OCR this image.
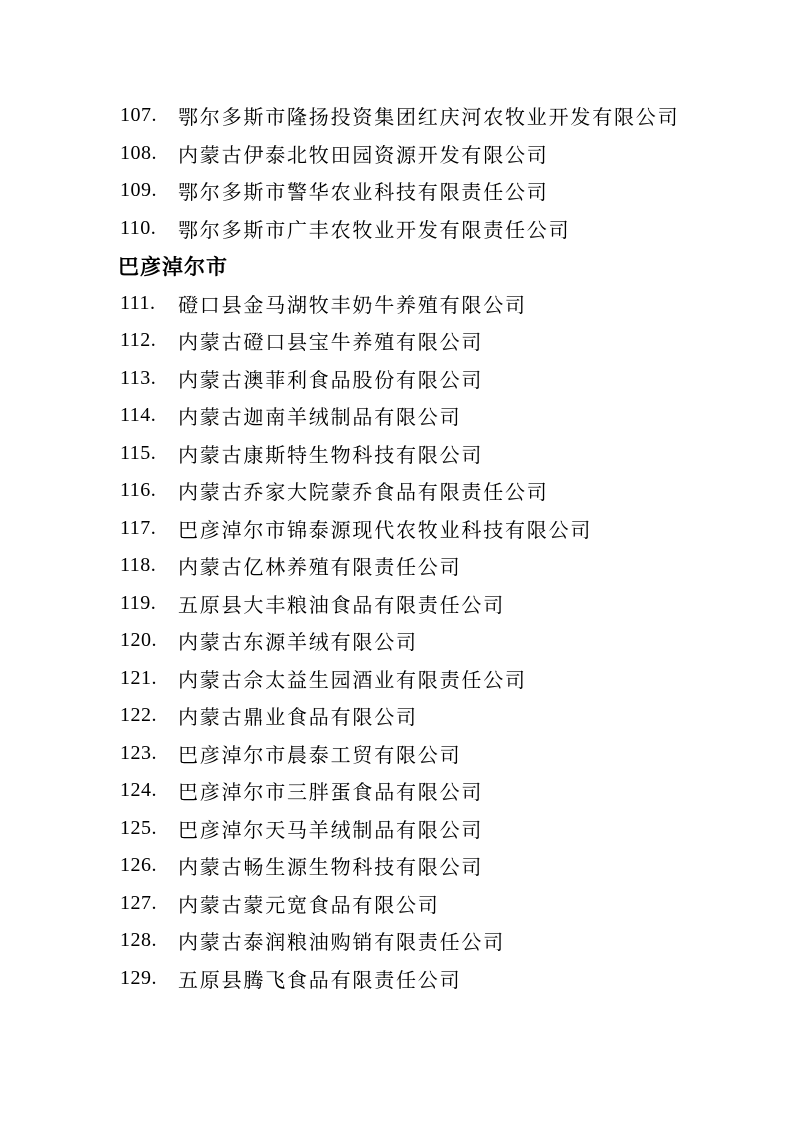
107.	鄂尔多斯市隆扬投资集团红庆河农牧业开发有限公司
108.	内蒙古伊泰北牧田园资源开发有限公司
109.	鄂尔多斯市警华农业科技有限责任公司
110.	鄂尔多斯市广丰农牧业开发有限责任公司
巴彦淖尔市
111.	磴口县金马湖牧丰奶牛养殖有限公司
112.	内蒙古磴口县宝牛养殖有限公司
113.	内蒙古澳菲利食品股份有限公司
114.	内蒙古迦南羊绒制品有限公司
115.	内蒙古康斯特生物科技有限公司
116.	内蒙古乔家大院蒙乔食品有限责任公司
117.	巴彦淖尔市锦泰源现代农牧业科技有限公司
118.	内蒙古亿林养殖有限责任公司
119.	五原县大丰粮油食品有限责任公司
120.	内蒙古东源羊绒有限公司
121.	内蒙古佘太益生园酒业有限责任公司
122.	内蒙古鼎业食品有限公司
123.	巴彦淖尔市晨泰工贸有限公司
124.	巴彦淖尔市三胖蛋食品有限公司
125.	巴彦淖尔天马羊绒制品有限公司
126.	内蒙古畅生源生物科技有限公司
127.	内蒙古蒙元宽食品有限公司
128.	内蒙古泰润粮油购销有限责任公司
129.	五原县腾飞食品有限责任公司
